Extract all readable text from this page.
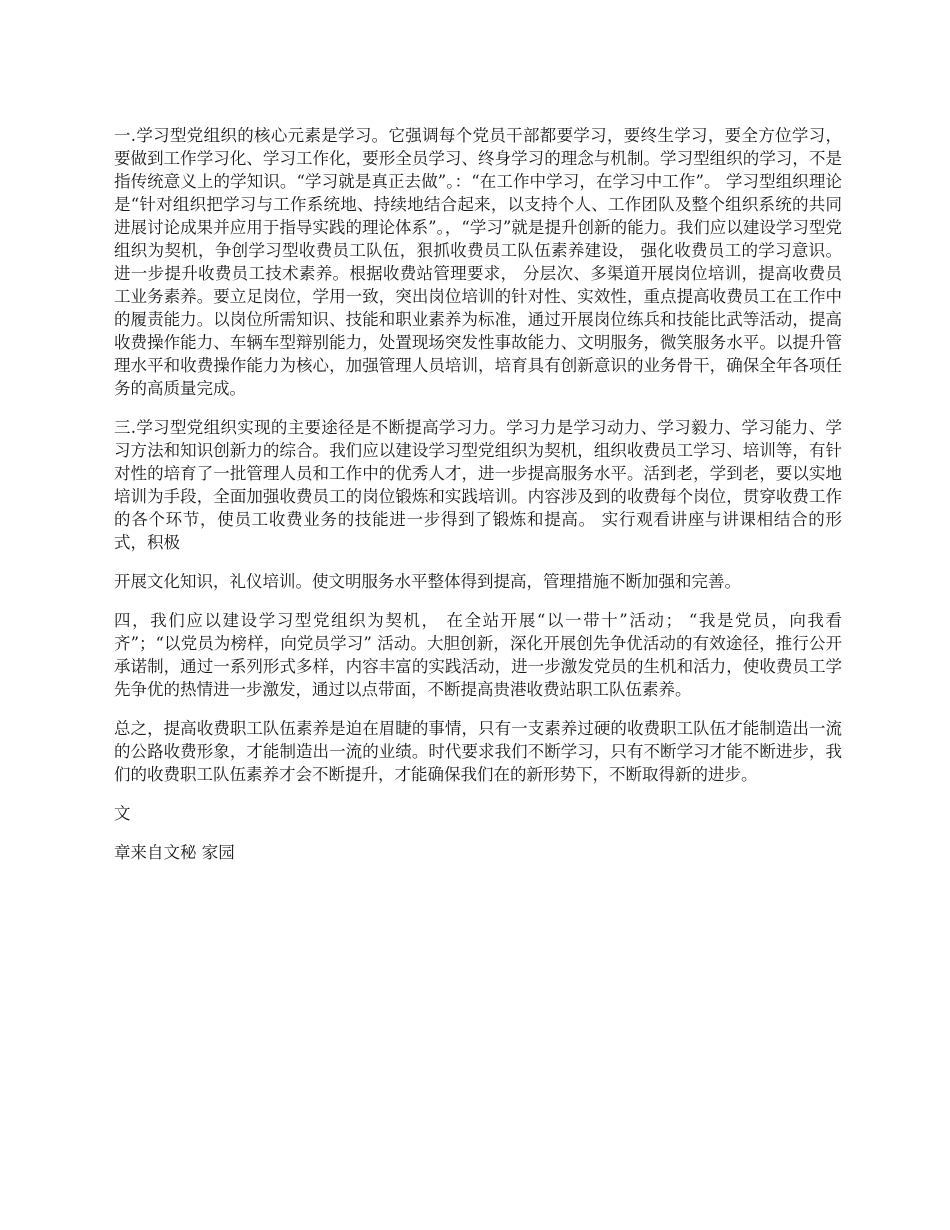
一.学习型党组织的核心元素是学习。它强调每个党员干部都要学习，要终生学习，要全方位学习，要做到工作学习化、学习工作化，要形全员学习、终身学习的理念与机制。学习型组织的学习，不是指传统意义上的学知识。“学习就是真正去做”。：“在工作中学习，在学习中工作”。 学习型组织理论是“针对组织把学习与工作系统地、持续地结合起来，以支持个人、工作团队及整个组织系统的共同进展讨论成果并应用于指导实践的理论体系”。，“学习”就是提升创新的能力。我们应以建设学习型党组织为契机，争创学习型收费员工队伍，狠抓收费员工队伍素养建设， 强化收费员工的学习意识。进一步提升收费员工技术素养。根据收费站管理要求， 分层次、多渠道开展岗位培训，提高收费员工业务素养。要立足岗位，学用一致，突出岗位培训的针对性、实效性，重点提高收费员工在工作中的履责能力。以岗位所需知识、技能和职业素养为标准，通过开展岗位练兵和技能比武等活动，提高收费操作能力、车辆车型辩别能力，处置现场突发性事故能力、文明服务，微笑服务水平。以提升管理水平和收费操作能力为核心，加强管理人员培训，培育具有创新意识的业务骨干，确保全年各项任务的高质量完成。

三.学习型党组织实现的主要途径是不断提高学习力。学习力是学习动力、学习毅力、学习能力、学习方法和知识创新力的综合。我们应以建设学习型党组织为契机，组织收费员工学习、培训等，有针对性的培育了一批管理人员和工作中的优秀人才，进一步提高服务水平。活到老，学到老，要以实地培训为手段，全面加强收费员工的岗位锻炼和实践培训。内容涉及到的收费每个岗位，贯穿收费工作的各个环节，使员工收费业务的技能进一步得到了锻炼和提高。 实行观看讲座与讲课相结合的形式，积极

开展文化知识，礼仪培训。使文明服务水平整体得到提高，管理措施不断加强和完善。

四，我们应以建设学习型党组织为契机， 在全站开展“以一带十”活动； “我是党员，向我看齐”；“以党员为榜样，向党员学习” 活动。大胆创新，深化开展创先争优活动的有效途径，推行公开承诺制，通过一系列形式多样，内容丰富的实践活动，进一步激发党员的生机和活力，使收费员工学先争优的热情进一步激发，通过以点带面，不断提高贵港收费站职工队伍素养。

总之，提高收费职工队伍素养是迫在眉睫的事情，只有一支素养过硬的收费职工队伍才能制造出一流的公路收费形象，才能制造出一流的业绩。时代要求我们不断学习，只有不断学习才能不断进步，我们的收费职工队伍素养才会不断提升，才能确保我们在的新形势下，不断取得新的进步。

文

章来自文秘 家园
